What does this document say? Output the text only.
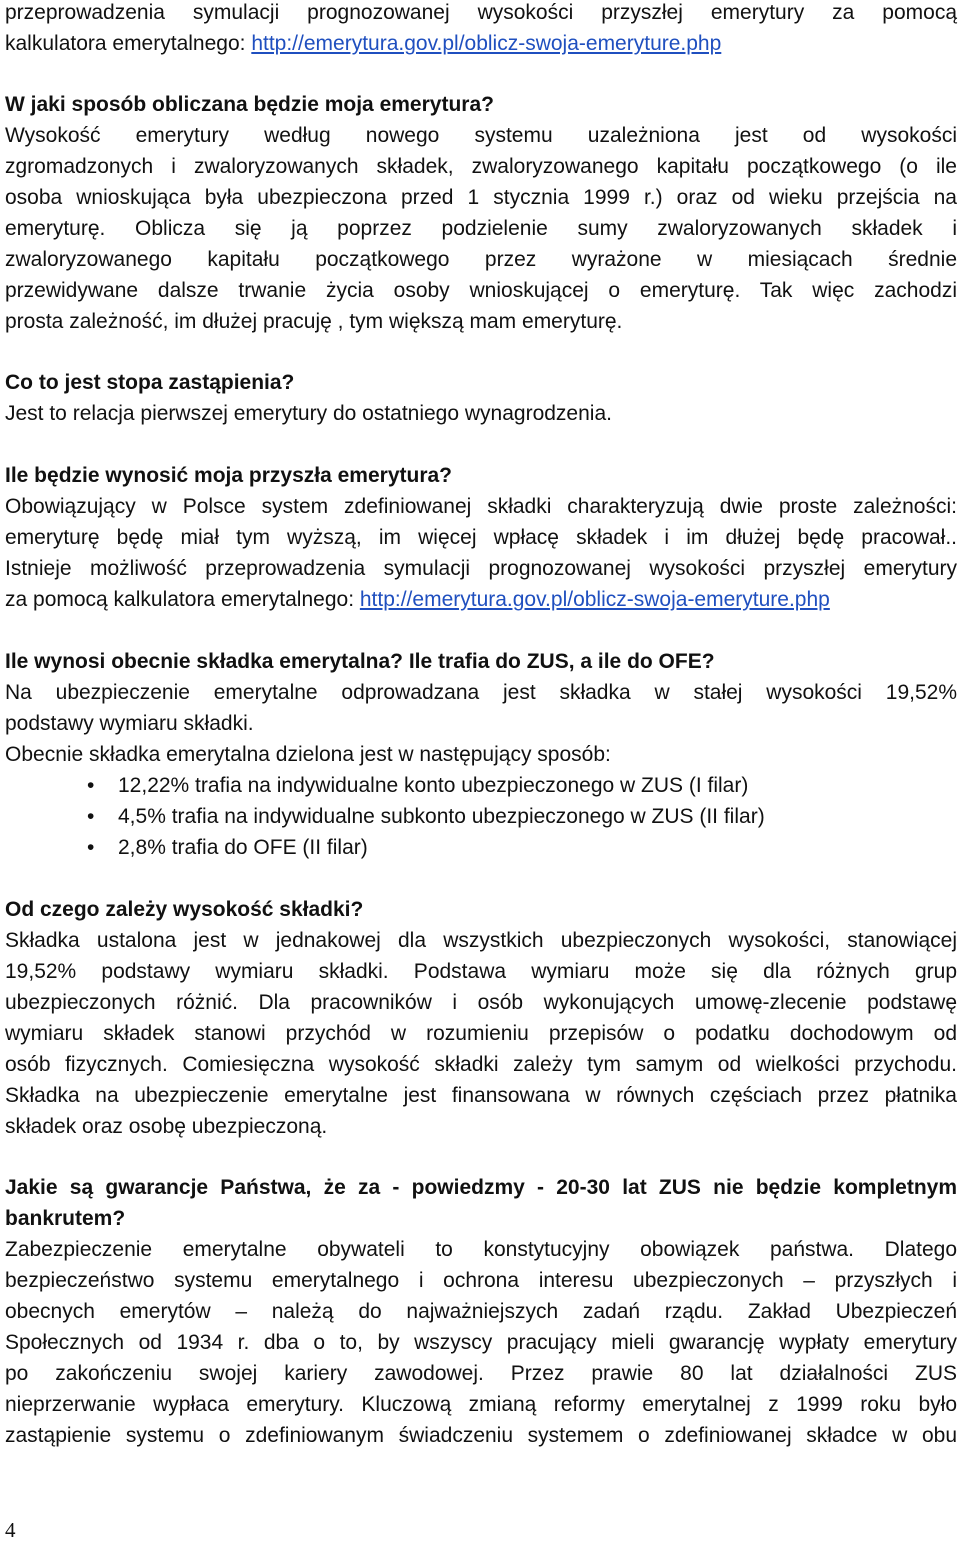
przeprowadzenia symulacji prognozowanej wysokości przyszłej emerytury za pomocą
kalkulatora emerytalnego: http://emerytura.gov.pl/oblicz-swoja-emeryture.php
W jaki sposób obliczana będzie moja emerytura?
Wysokość emerytury według nowego systemu uzależniona jest od wysokości
zgromadzonych i zwaloryzowanych składek, zwaloryzowanego kapitału początkowego (o ile
osoba wnioskująca była ubezpieczona przed 1 stycznia 1999 r.) oraz od wieku przejścia na
emeryturę. Oblicza się ją poprzez podzielenie sumy zwaloryzowanych składek i
zwaloryzowanego kapitału początkowego przez wyrażone w miesiącach średnie
przewidywane dalsze trwanie życia osoby wnioskującej o emeryturę. Tak więc zachodzi
prosta zależność, im dłużej pracuję , tym większą mam emeryturę.
Co to jest stopa zastąpienia?
Jest to relacja pierwszej emerytury do ostatniego wynagrodzenia.
Ile będzie wynosić moja przyszła emerytura?
Obowiązujący w Polsce system zdefiniowanej składki charakteryzują dwie proste zależności:
emeryturę będę miał tym wyższą, im więcej wpłacę składek i im dłużej będę pracował..
Istnieje możliwość przeprowadzenia symulacji prognozowanej wysokości przyszłej emerytury
za pomocą kalkulatora emerytalnego: http://emerytura.gov.pl/oblicz-swoja-emeryture.php
Ile wynosi obecnie składka emerytalna? Ile trafia do ZUS, a ile do OFE?
Na ubezpieczenie emerytalne odprowadzana jest składka w stałej wysokości 19,52%
podstawy wymiaru składki.
Obecnie składka emerytalna dzielona jest w następujący sposób:
• 12,22% trafia na indywidualne konto ubezpieczonego w ZUS (I filar)
• 4,5% trafia na indywidualne subkonto ubezpieczonego w ZUS (II filar)
• 2,8% trafia do OFE (II filar)
Od czego zależy wysokość składki?
Składka ustalona jest w jednakowej dla wszystkich ubezpieczonych wysokości, stanowiącej
19,52% podstawy wymiaru składki. Podstawa wymiaru może się dla różnych grup
ubezpieczonych różnić. Dla pracowników i osób wykonujących umowę-zlecenie podstawę
wymiaru składek stanowi przychód w rozumieniu przepisów o podatku dochodowym od
osób fizycznych. Comiesięczna wysokość składki zależy tym samym od wielkości przychodu.
Składka na ubezpieczenie emerytalne jest finansowana w równych częściach przez płatnika
składek oraz osobę ubezpieczoną.
Jakie są gwarancje Państwa, że za - powiedzmy - 20-30 lat ZUS nie będzie kompletnym
bankrutem?
Zabezpieczenie emerytalne obywateli to konstytucyjny obowiązek państwa. Dlatego
bezpieczeństwo systemu emerytalnego i ochrona interesu ubezpieczonych – przyszłych i
obecnych emerytów – należą do najważniejszych zadań rządu. Zakład Ubezpieczeń
Społecznych od 1934 r. dba o to, by wszyscy pracujący mieli gwarancję wypłaty emerytury
po zakończeniu swojej kariery zawodowej. Przez prawie 80 lat działalności ZUS
nieprzerwanie wypłaca emerytury. Kluczową zmianą reformy emerytalnej z 1999 roku było
zastąpienie systemu o zdefiniowanym świadczeniu systemem o zdefiniowanej składce w obu
4
